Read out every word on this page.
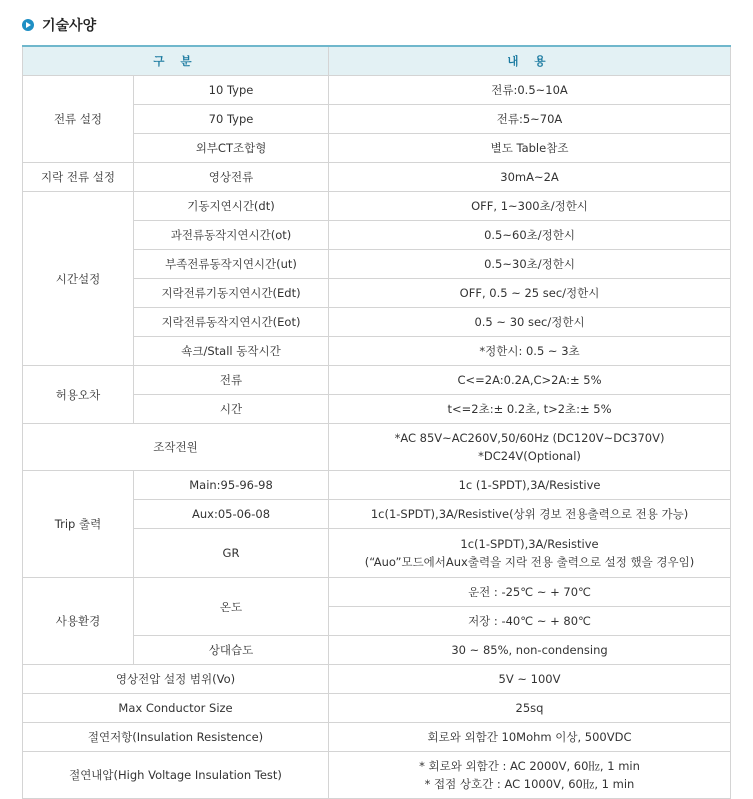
기술사양
구 분		내 용
전류 설정	10 Type	전류:0.5~10A
	70 Type	전류:5~70A
	외부CT조합형	별도 Table참조
지락 전류 설정	영상전류	30mA~2A
시간설정	기동지연시간(dt)	OFF, 1~300초/정한시
	과전류동작지연시간(ot)	0.5~60초/정한시
	부족전류동작지연시간(ut)	0.5~30초/정한시
	지락전류기동지연시간(Edt)	OFF, 0.5 ~ 25 sec/정한시
	지락전류동작지연시간(Eot)	0.5 ~ 30 sec/정한시
	쇽크/Stall 동작시간	*정한시: 0.5 ~ 3초
허용오차	전류	C<=2A:0.2A,C>2A:± 5%
	시간	t<=2초:± 0.2초, t>2초:± 5%
조작전원		*AC 85V~AC260V,50/60Hz (DC120V~DC370V)
*DC24V(Optional)

Trip 출력	Main:95-96-98	1c (1-SPDT),3A/Resistive
	Aux:05-06-08	1c(1-SPDT),3A/Resistive(상위 경보 전용출력으로 전용 가능)
	GR	1c(1-SPDT),3A/Resistive
(“Auo”모드에서Aux출력을 지락 전용 출력으로 설정 했을 경우임)

사용환경	온도	운전 : -25℃ ~ + 70℃
		저장 : -40℃ ~ + 80℃
	상대습도	30 ~ 85%, non-condensing
영상전압 설정 범위(Vo)		5V ~ 100V
Max Conductor Size		25sq
절연저항(Insulation Resistence)		회로와 외함간 10Mohm 이상, 500VDC
절연내압(High Voltage Insulation Test)		* 회로와 외함간 : AC 2000V, 60㎐, 1 min
* 접점 상호간 : AC 1000V, 60㎐, 1 min
